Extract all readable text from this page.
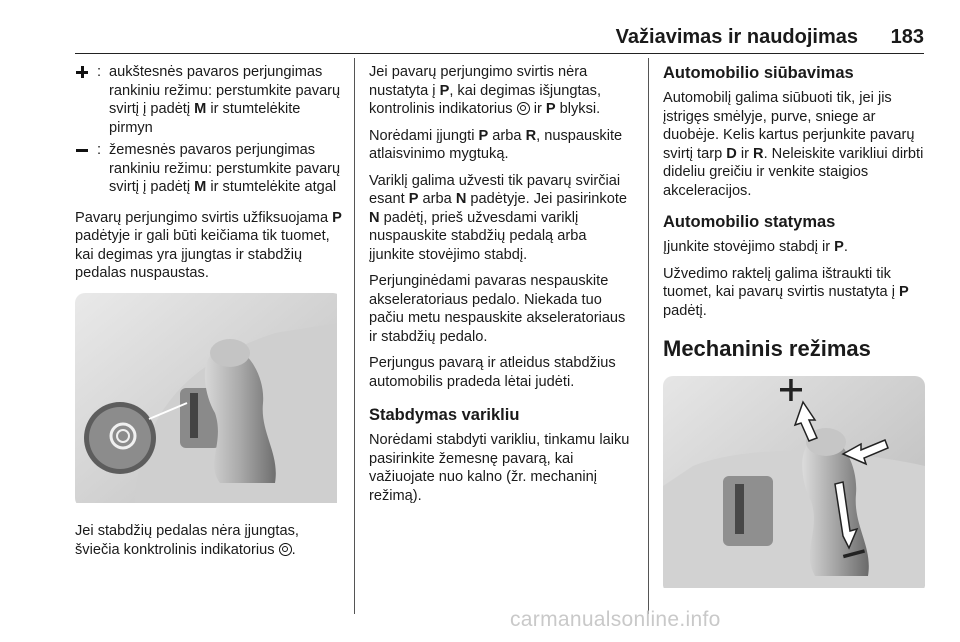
Važiavimas ir naudojimas 183
: aukštesnės pavaros perjungimas rankiniu režimu: perstumkite pavarų svirtį į padėtį M ir stumtelėkite pirmyn
: žemesnės pavaros perjungimas rankiniu režimu: perstumkite pavarų svirtį į padėtį M ir stumtelėkite atgal

Pavarų perjungimo svirtis užfiksuojama P padėtyje ir gali būti keičiama tik tuomet, kai degimas yra įjungtas ir stabdžių pedalas nuspaustas.

Jei stabdžių pedalas nėra įjungtas, šviečia konktrolinis indikatorius .

Jei pavarų perjungimo svirtis nėra nustatyta į P, kai degimas išjungtas, kontrolinis indikatorius  ir P blyksi.

Norėdami įjungti P arba R, nuspauskite atlaisvinimo mygtuką.

Variklį galima užvesti tik pavarų svirčiai esant P arba N padėtyje. Jei pasirinkote N padėtį, prieš užvesdami variklį nuspauskite stabdžių pedalą arba įjunkite stovėjimo stabdį.

Perjunginėdami pavaras nespauskite akseleratoriaus pedalo. Niekada tuo pačiu metu nespauskite akseleratoriaus ir stabdžių pedalo.

Perjungus pavarą ir atleidus stabdžius automobilis pradeda lėtai judėti.

Stabdymas varikliu

Norėdami stabdyti varikliu, tinkamu laiku pasirinkite žemesnę pavarą, kai važiuojate nuo kalno (žr. mechaninį režimą).

Automobilio siūbavimas

Automobilį galima siūbuoti tik, jei jis įstrigęs smėlyje, purve, sniege ar duobėje. Kelis kartus perjunkite pavarų svirtį tarp D ir R. Neleiskite varikliui dirbti dideliu greičiu ir venkite staigios akceleracijos.

Automobilio statymas

Įjunkite stovėjimo stabdį ir P.

Užvedimo raktelį galima ištraukti tik tuomet, kai pavarų svirtis nustatyta į P padėtį.

Mechaninis režimas
carmanualsonline.info
